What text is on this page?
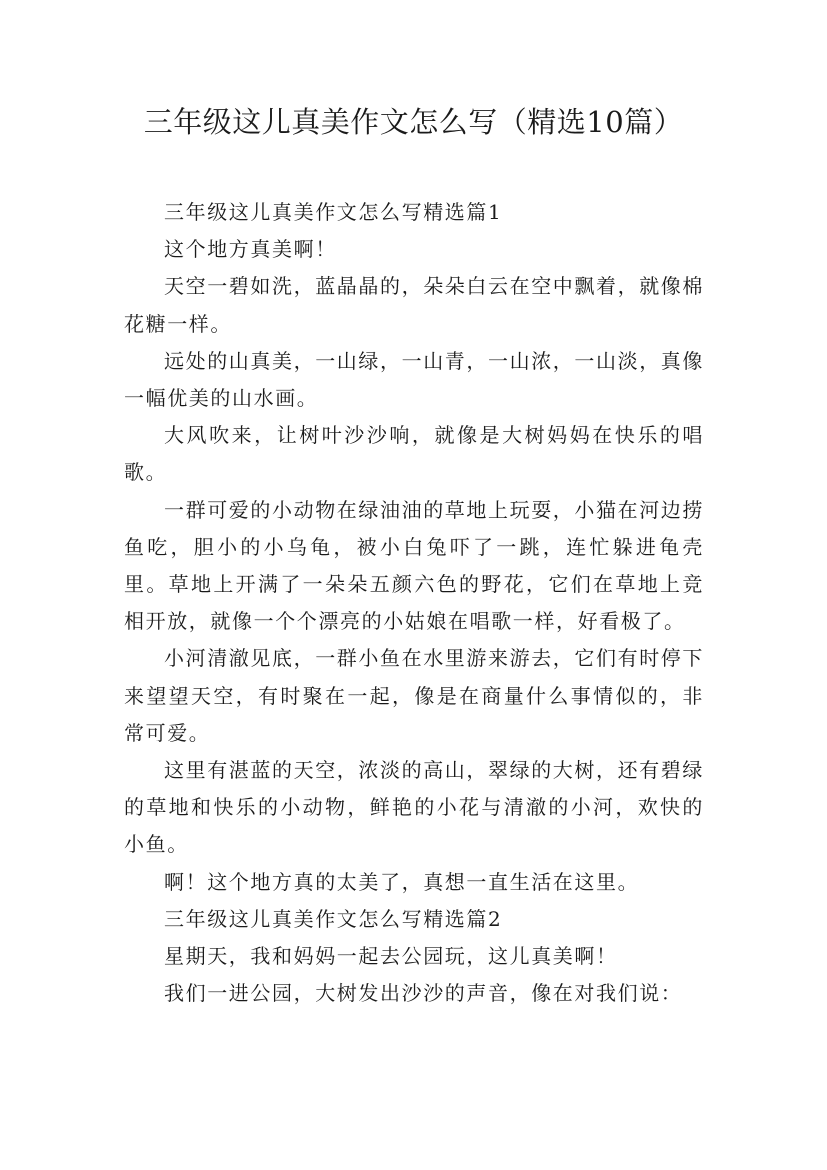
三年级这儿真美作文怎么写（精选10篇）

三年级这儿真美作文怎么写精选篇1

这个地方真美啊！

天空一碧如洗，蓝晶晶的，朵朵白云在空中飘着，就像棉花糖一样。

远处的山真美，一山绿，一山青，一山浓，一山淡，真像一幅优美的山水画。

大风吹来，让树叶沙沙响，就像是大树妈妈在快乐的唱歌。

一群可爱的小动物在绿油油的草地上玩耍，小猫在河边捞鱼吃，胆小的小乌龟，被小白兔吓了一跳，连忙躲进龟壳里。草地上开满了一朵朵五颜六色的野花，它们在草地上竞相开放，就像一个个漂亮的小姑娘在唱歌一样，好看极了。

小河清澈见底，一群小鱼在水里游来游去，它们有时停下来望望天空，有时聚在一起，像是在商量什么事情似的，非常可爱。

这里有湛蓝的天空，浓淡的高山，翠绿的大树，还有碧绿的草地和快乐的小动物，鲜艳的小花与清澈的小河，欢快的小鱼。

啊！这个地方真的太美了，真想一直生活在这里。

三年级这儿真美作文怎么写精选篇2

星期天，我和妈妈一起去公园玩，这儿真美啊！

我们一进公园，大树发出沙沙的声音，像在对我们说：
